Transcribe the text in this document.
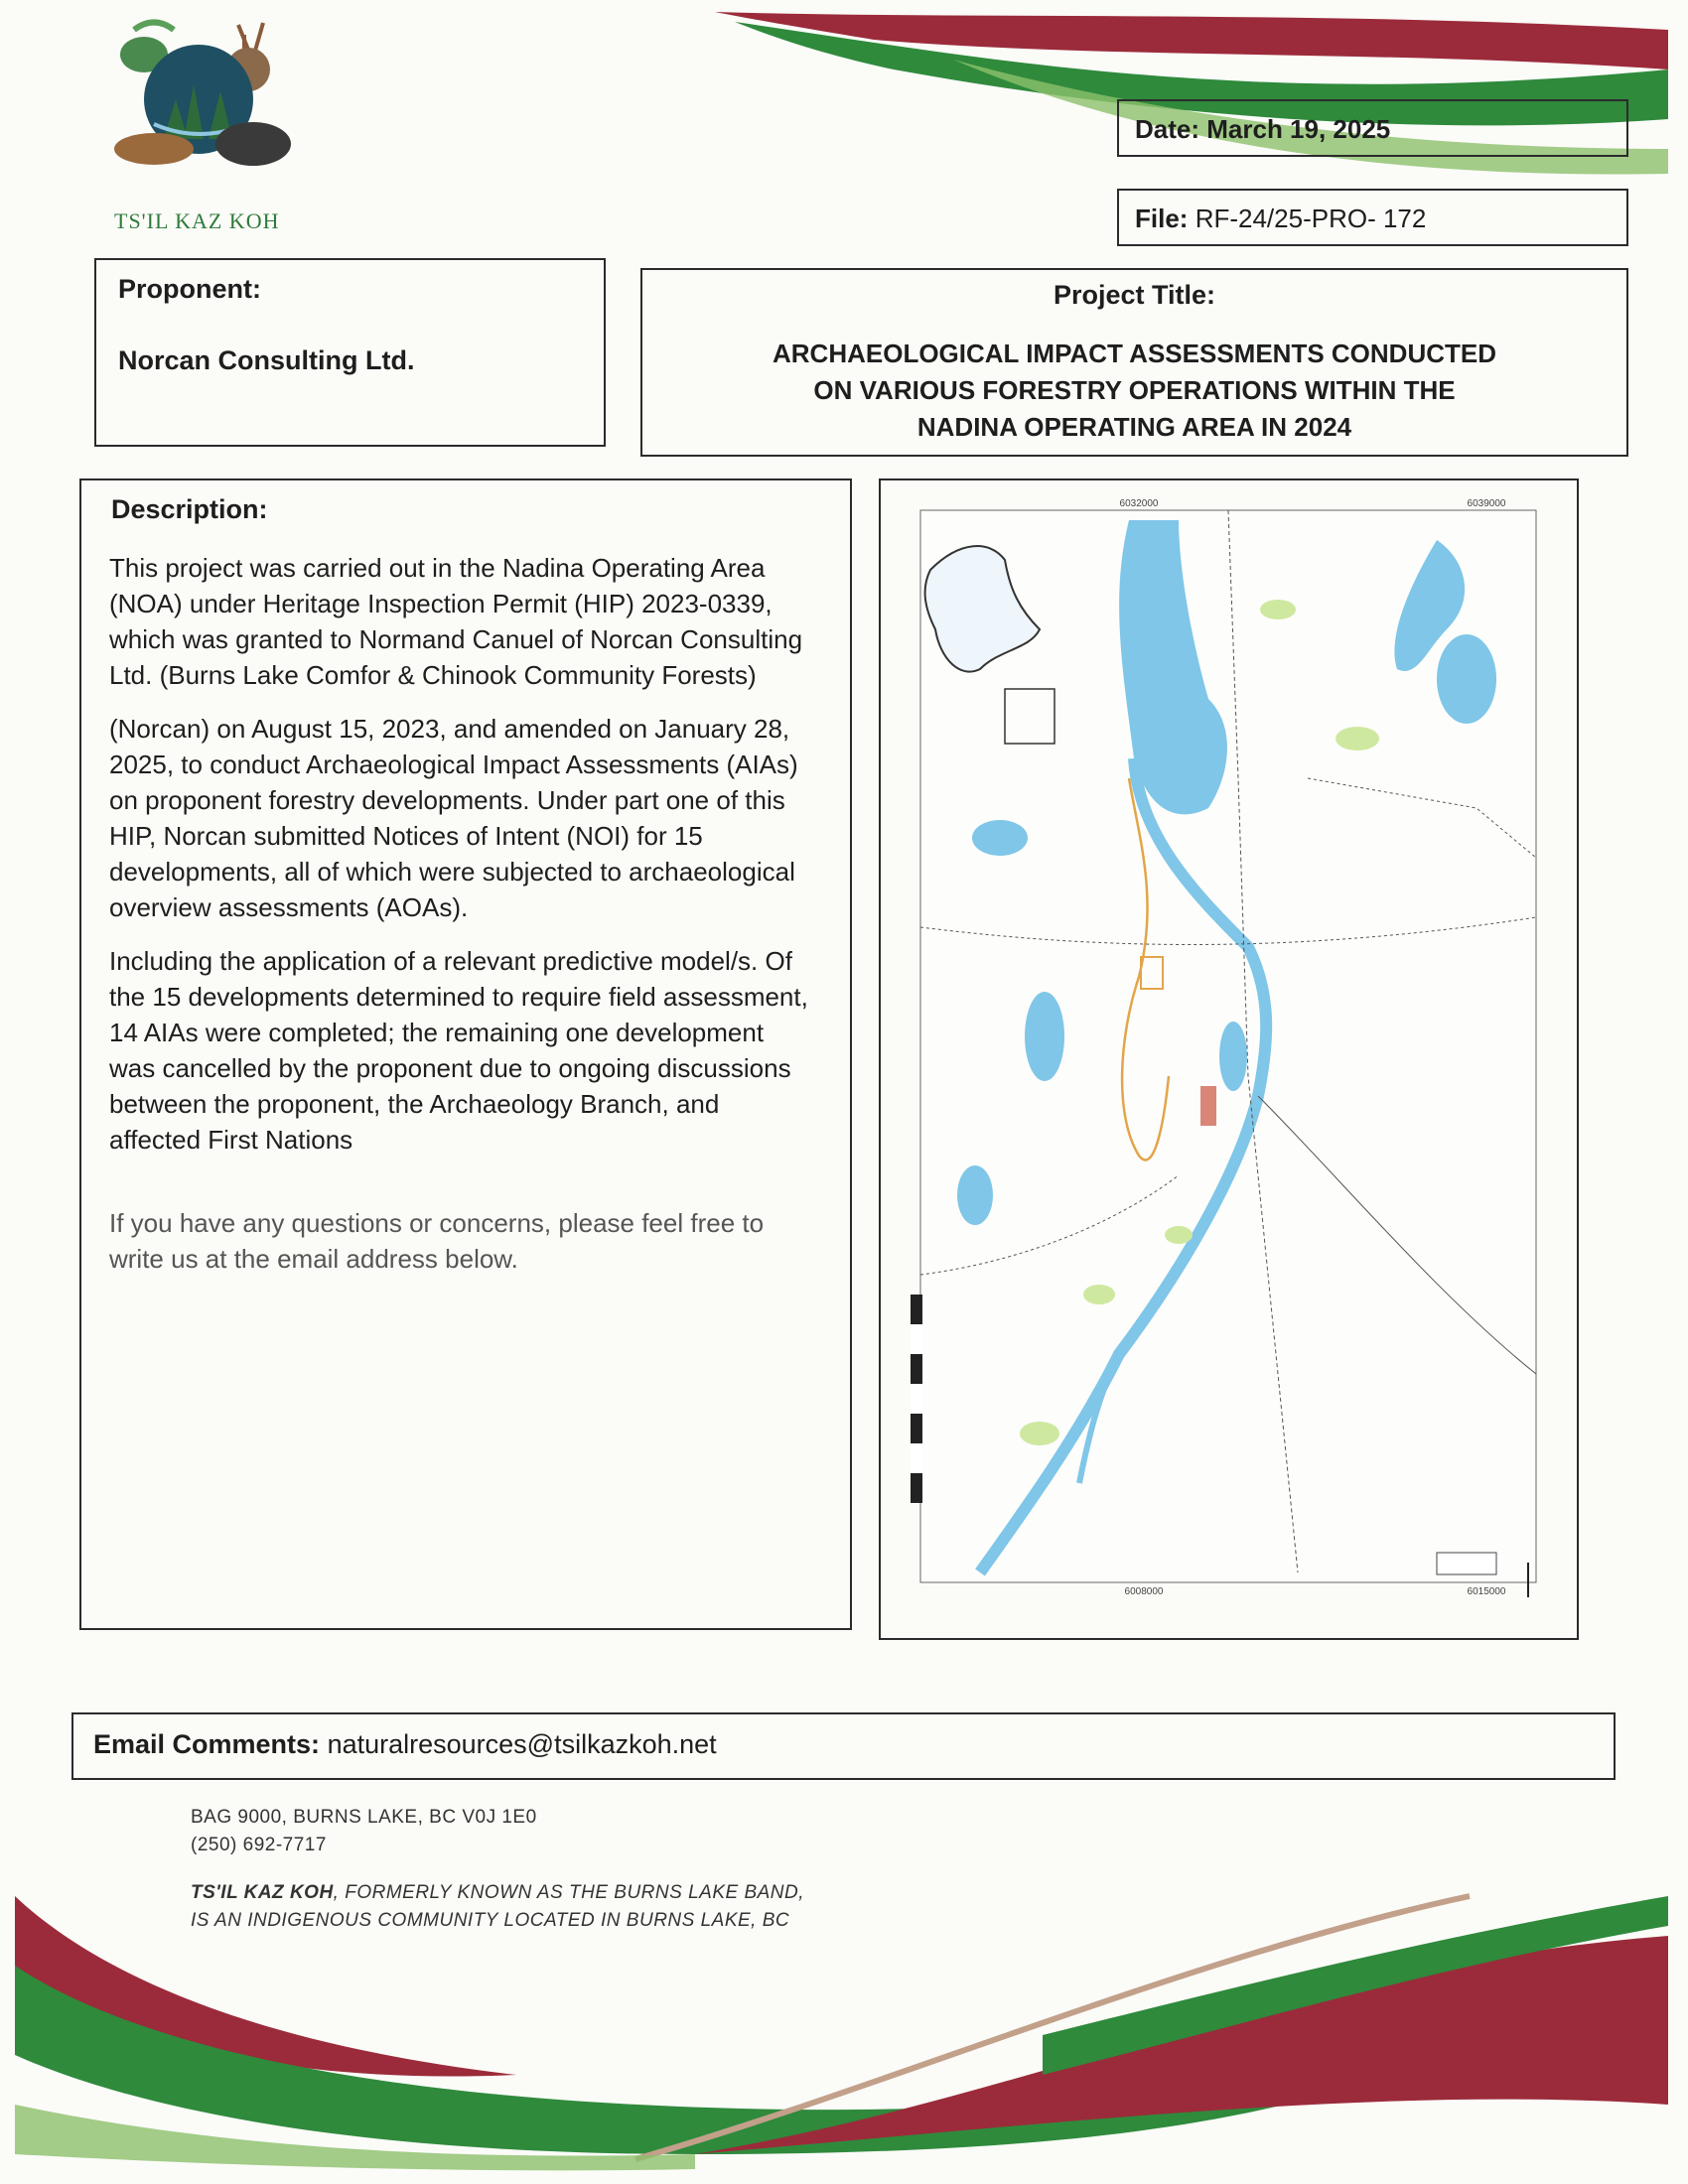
TS'IL KAZ KOH
Date: March 19, 2025
File: RF-24/25-PRO- 172
Proponent:
Norcan Consulting Ltd.
Project Title:
ARCHAEOLOGICAL IMPACT ASSESSMENTS CONDUCTED
ON VARIOUS FORESTRY OPERATIONS WITHIN THE
NADINA OPERATING AREA IN 2024
Description:

This project was carried out in the Nadina Operating Area (NOA) under Heritage Inspection Permit (HIP) 2023-0339, which was granted to Normand Canuel of Norcan Consulting Ltd. (Burns Lake Comfor & Chinook Community Forests)

(Norcan) on August 15, 2023, and amended on January 28, 2025, to conduct Archaeological Impact Assessments (AIAs) on proponent forestry developments. Under part one of this HIP, Norcan submitted Notices of Intent (NOI) for 15 developments, all of which were subjected to archaeological overview assessments (AOAs).

Including the application of a relevant predictive model/s. Of the 15 developments determined to require field assessment, 14 AIAs were completed; the remaining one development was cancelled by the proponent due to ongoing discussions between the proponent, the Archaeology Branch, and affected First Nations

If you have any questions or concerns, please feel free to write us at the email address below.

6032000	6039000
6008000	6015000
Email Comments: naturalresources@tsilkazkoh.net
BAG 9000, BURNS LAKE, BC V0J 1E0
(250) 692-7717
TS'IL KAZ KOH, FORMERLY KNOWN AS THE BURNS LAKE BAND,
IS AN INDIGENOUS COMMUNITY LOCATED IN BURNS LAKE, BC
